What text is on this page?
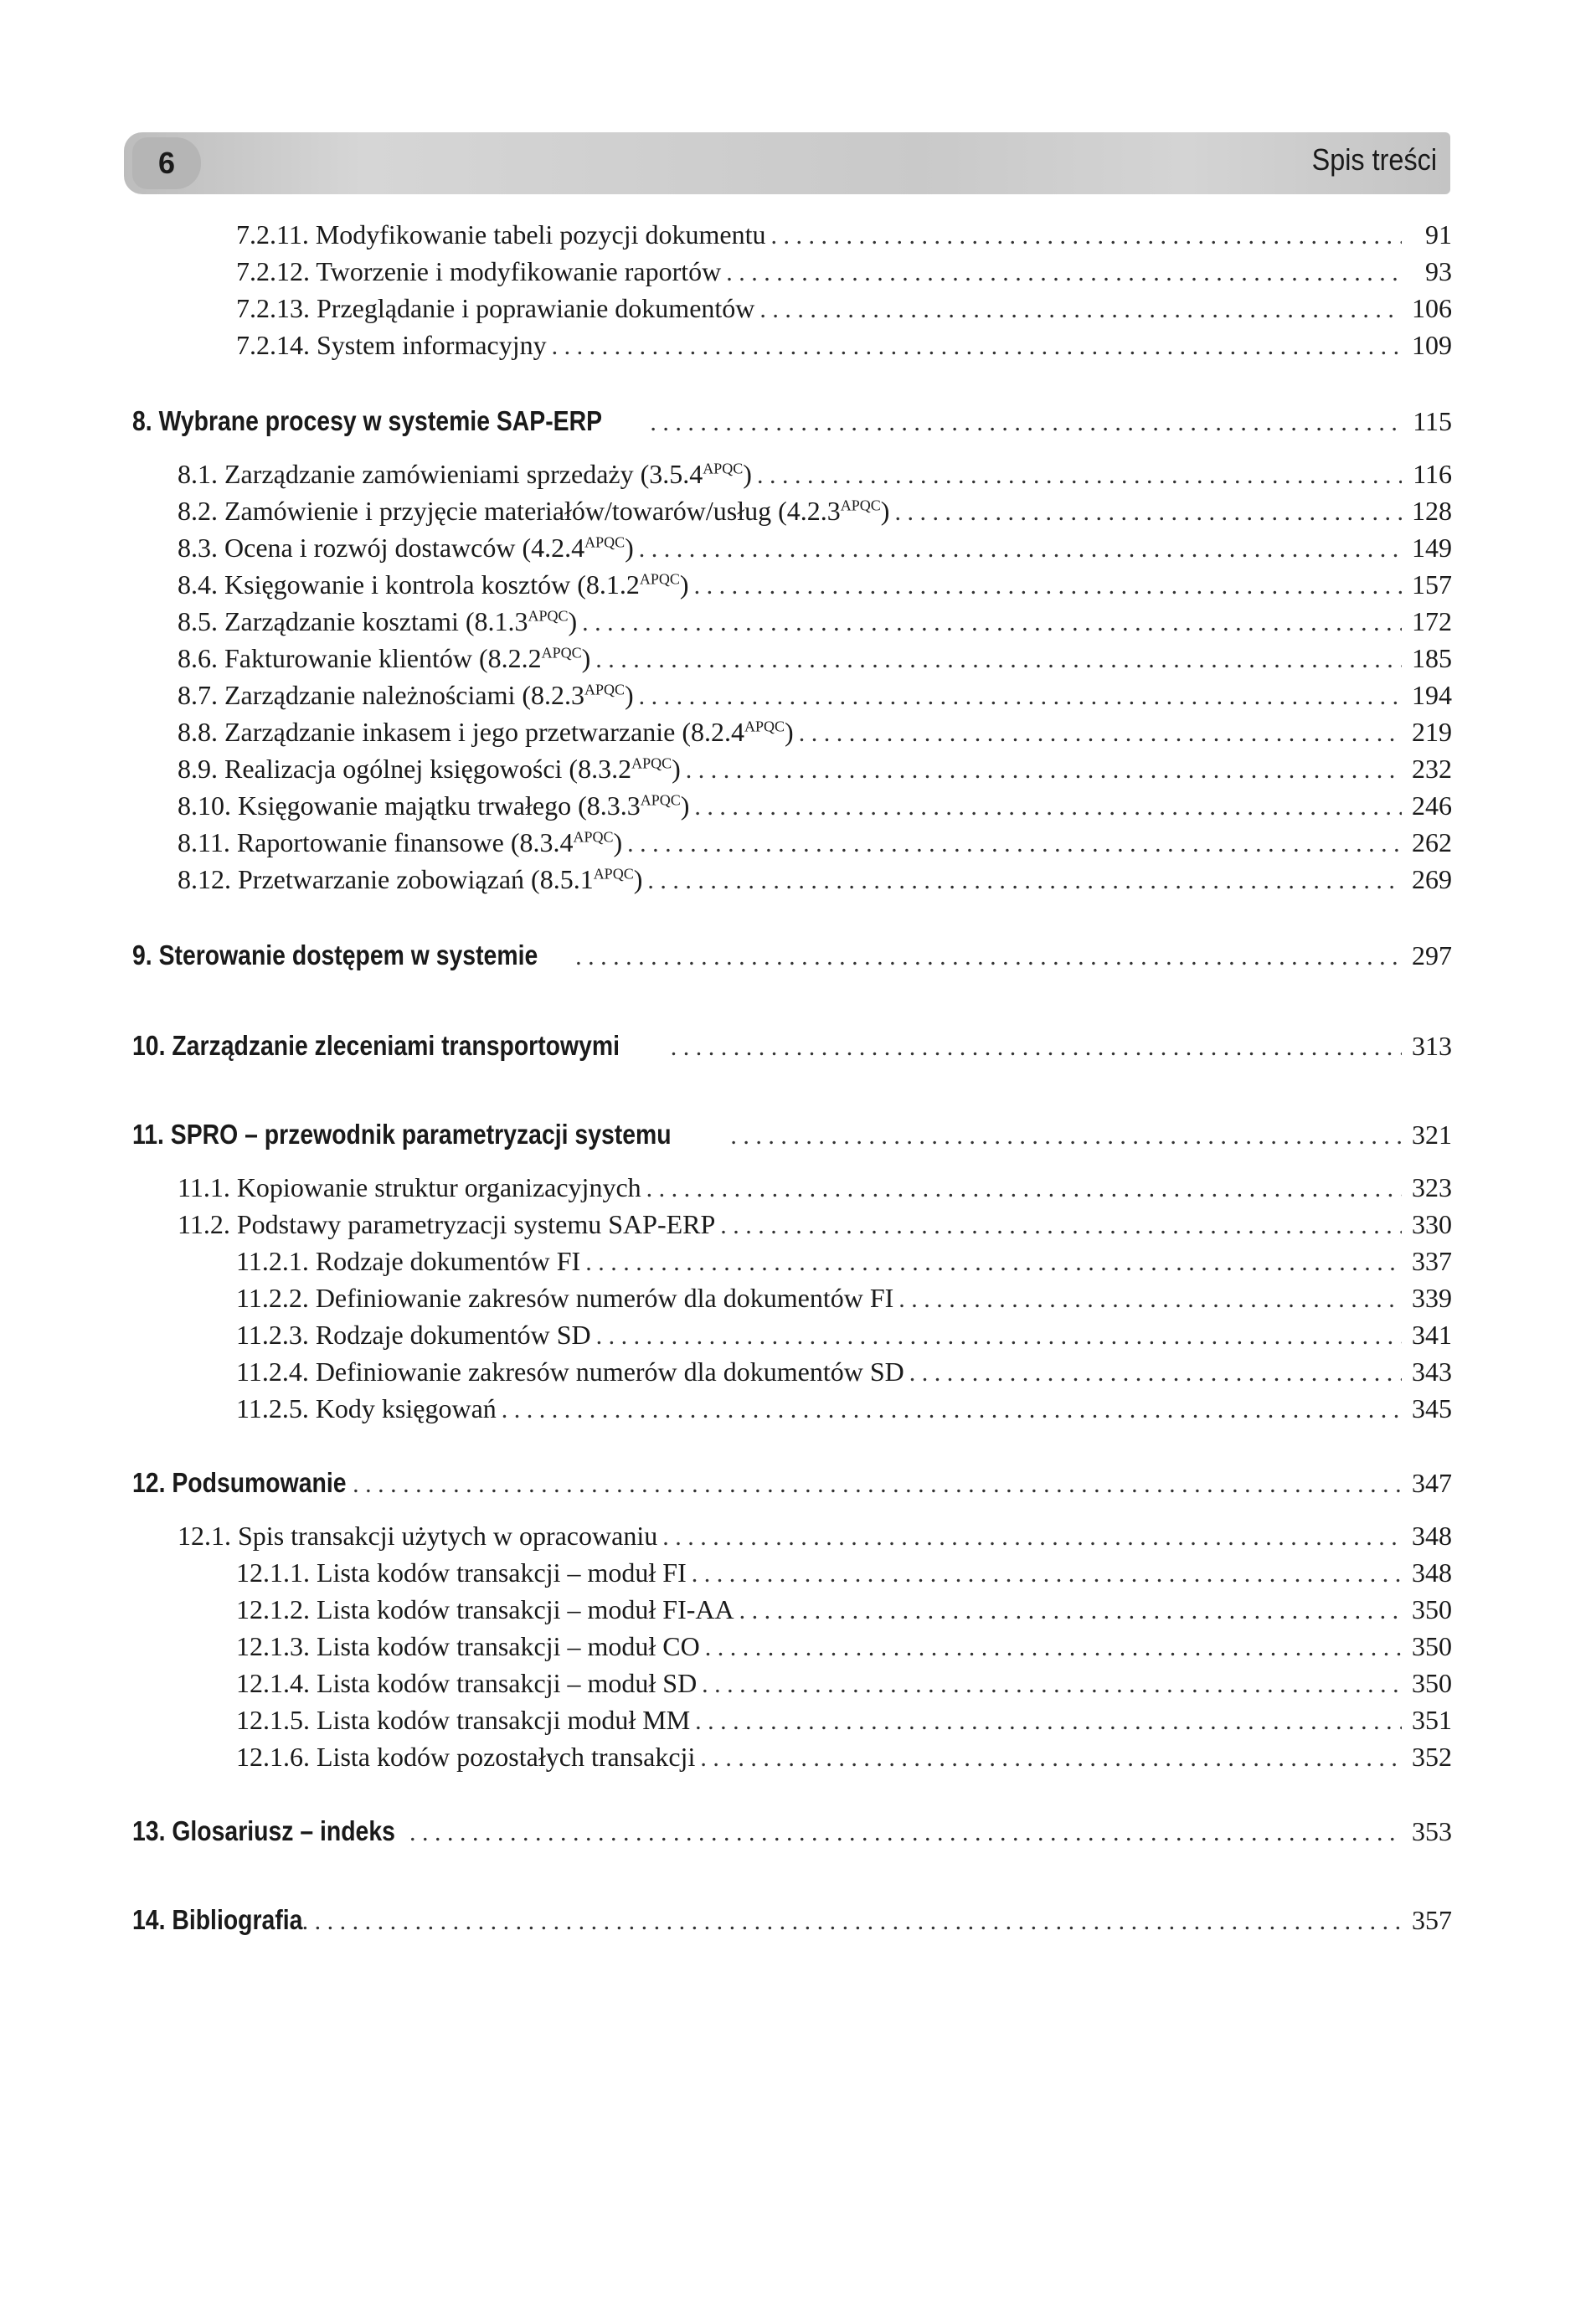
6	Spis treści
7.2.11. Modyfikowanie tabeli pozycji dokumentu . . .	91
7.2.12. Tworzenie i modyfikowanie raportów . . .	93
7.2.13. Przeglądanie i poprawianie dokumentów . . .	106
7.2.14. System informacyjny . . .	109
8. Wybrane procesy w systemie SAP-ERP . . .	115
8.1. Zarządzanie zamówieniami sprzedaży $(3.5.4^{APQC})$ . . .	116
8.2. Zamówienie i przyjęcie materiałów/towarów/usług $(4.2.3^{APQC})$ . . .	128
8.3. Ocena i rozwój dostawców $(4.2.4^{APQC})$ . . .	149
8.4. Księgowanie i kontrola kosztów $(8.1.2^{APQC})$ . . .	157
8.5. Zarządzanie kosztami $(8.1.3^{APQC})$ . . .	172
8.6. Fakturowanie klientów $(8.2.2^{APQC})$ . . .	185
8.7. Zarządzanie należnościami $(8.2.3^{APQC})$ . . .	194
8.8. Zarządzanie inkasem i jego przetwarzanie $(8.2.4^{APQC})$ . . .	219
8.9. Realizacja ogólnej księgowości $(8.3.2^{APQC})$ . . .	232
8.10. Księgowanie majątku trwałego $(8.3.3^{APQC})$ . . .	246
8.11. Raportowanie finansowe $(8.3.4^{APQC})$ . . .	262
8.12. Przetwarzanie zobowiązań $(8.5.1^{APQC})$ . . .	269
9. Sterowanie dostępem w systemie . . .	297
10. Zarządzanie zleceniami transportowymi . . .	313
11. SPRO – przewodnik parametryzacji systemu . . .	321
11.1. Kopiowanie struktur organizacyjnych . . .	323
11.2. Podstawy parametryzacji systemu SAP-ERP . . .	330
11.2.1. Rodzaje dokumentów FI . . .	337
11.2.2. Definiowanie zakresów numerów dla dokumentów FI . . .	339
11.2.3. Rodzaje dokumentów SD . . .	341
11.2.4. Definiowanie zakresów numerów dla dokumentów SD . . .	343
11.2.5. Kody księgowań . . .	345
12. Podsumowanie . . .	347
12.1. Spis transakcji użytych w opracowaniu . . .	348
12.1.1. Lista kodów transakcji – moduł FI . . .	348
12.1.2. Lista kodów transakcji – moduł FI-AA . . .	350
12.1.3. Lista kodów transakcji – moduł CO . . .	350
12.1.4. Lista kodów transakcji – moduł SD . . .	350
12.1.5. Lista kodów transakcji moduł MM . . .	351
12.1.6. Lista kodów pozostałych transakcji . . .	352
13. Glosariusz – indeks . . .	353
14. Bibliografia . . .	357
